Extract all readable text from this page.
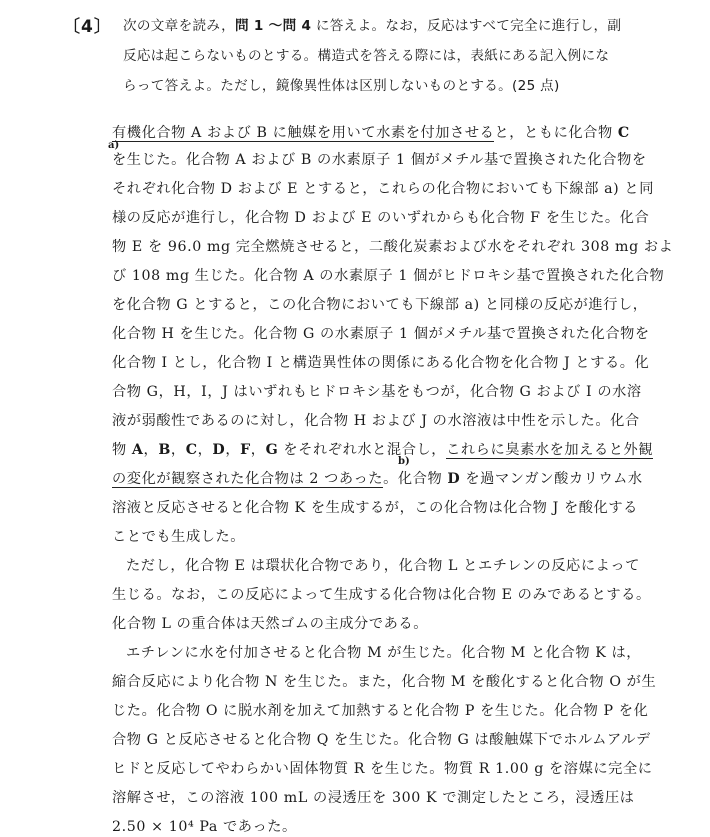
〔4〕 次の文章を読み，問 1 〜問 4 に答えよ。なお，反応はすべて完全に進行し，副
反応は起こらないものとする。構造式を答える際には，表紙にある記入例にな
らって答えよ。ただし，鏡像異性体は区別しないものとする。(25 点)
有機化合物 A および B に触媒を用いて水素を付加させると，ともに化合物 C
a)
を生じた。化合物 A および B の水素原子 1 個がメチル基で置換された化合物を
それぞれ化合物 D および E とすると，これらの化合物においても下線部 a) と同
様の反応が進行し，化合物 D および E のいずれからも化合物 F を生じた。化合
物 E を 96.0 mg 完全燃焼させると，二酸化炭素および水をそれぞれ 308 mg およ
び 108 mg 生じた。化合物 A の水素原子 1 個がヒドロキシ基で置換された化合物
を化合物 G とすると，この化合物においても下線部 a) と同様の反応が進行し，
化合物 H を生じた。化合物 G の水素原子 1 個がメチル基で置換された化合物を
化合物 I とし，化合物 I と構造異性体の関係にある化合物を化合物 J とする。化
合物 G，H，I，J はいずれもヒドロキシ基をもつが，化合物 G および I の水溶
液が弱酸性であるのに対し，化合物 H および J の水溶液は中性を示した。化合
物 A，B，C，D，F，G をそれぞれ水と混合し，これらに臭素水を加えると外観
b)
の変化が観察された化合物は 2 つあった。化合物 D を過マンガン酸カリウム水
溶液と反応させると化合物 K を生成するが，この化合物は化合物 J を酸化する
ことでも生成した。
ただし，化合物 E は環状化合物であり，化合物 L とエチレンの反応によって
生じる。なお，この反応によって生成する化合物は化合物 E のみであるとする。
化合物 L の重合体は天然ゴムの主成分である。
エチレンに水を付加させると化合物 M が生じた。化合物 M と化合物 K は，
縮合反応により化合物 N を生じた。また，化合物 M を酸化すると化合物 O が生
じた。化合物 O に脱水剤を加えて加熱すると化合物 P を生じた。化合物 P を化
合物 G と反応させると化合物 Q を生じた。化合物 G は酸触媒下でホルムアルデ
ヒドと反応してやわらかい固体物質 R を生じた。物質 R 1.00 g を溶媒に完全に
溶解させ，この溶液 100 mL の浸透圧を 300 K で測定したところ，浸透圧は
2.50 × 10⁴ Pa であった。
